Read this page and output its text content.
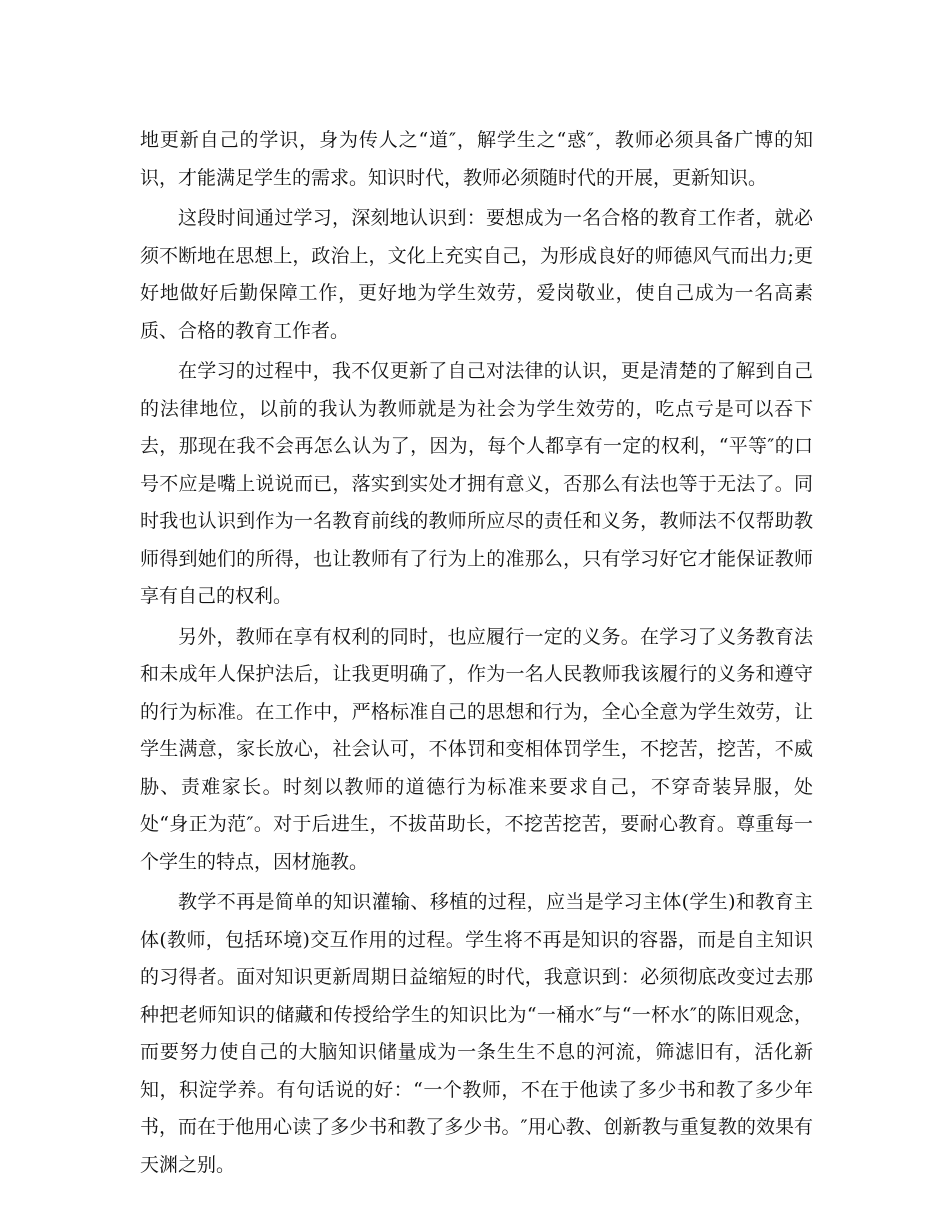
地更新自己的学识，身为传人之“道″，解学生之“惑″，教师必须具备广博的知识，才能满足学生的需求。知识时代，教师必须随时代的开展，更新知识。

这段时间通过学习，深刻地认识到：要想成为一名合格的教育工作者，就必须不断地在思想上，政治上，文化上充实自己，为形成良好的师德风气而出力;更好地做好后勤保障工作，更好地为学生效劳，爱岗敬业，使自己成为一名高素质、合格的教育工作者。

在学习的过程中，我不仅更新了自己对法律的认识，更是清楚的了解到自己的法律地位，以前的我认为教师就是为社会为学生效劳的，吃点亏是可以吞下去，那现在我不会再怎么认为了，因为，每个人都享有一定的权利，“平等″的口号不应是嘴上说说而已，落实到实处才拥有意义，否那么有法也等于无法了。同时我也认识到作为一名教育前线的教师所应尽的责任和义务，教师法不仅帮助教师得到她们的所得，也让教师有了行为上的准那么，只有学习好它才能保证教师享有自己的权利。

另外，教师在享有权利的同时，也应履行一定的义务。在学习了义务教育法和未成年人保护法后，让我更明确了，作为一名人民教师我该履行的义务和遵守的行为标准。在工作中，严格标准自己的思想和行为，全心全意为学生效劳，让学生满意，家长放心，社会认可，不体罚和变相体罚学生，不挖苦，挖苦，不威胁、责难家长。时刻以教师的道德行为标准来要求自己，不穿奇装异服，处处“身正为范″。对于后进生，不拔苗助长，不挖苦挖苦，要耐心教育。尊重每一个学生的特点，因材施教。

教学不再是简单的知识灌输、移植的过程，应当是学习主体(学生)和教育主体(教师，包括环境)交互作用的过程。学生将不再是知识的容器，而是自主知识的习得者。面对知识更新周期日益缩短的时代，我意识到：必须彻底改变过去那种把老师知识的储藏和传授给学生的知识比为“一桶水″与“一杯水″的陈旧观念，而要努力使自己的大脑知识储量成为一条生生不息的河流，筛滤旧有，活化新知，积淀学养。有句话说的好：“一个教师，不在于他读了多少书和教了多少年书，而在于他用心读了多少书和教了多少书。″用心教、创新教与重复教的效果有天渊之别。
